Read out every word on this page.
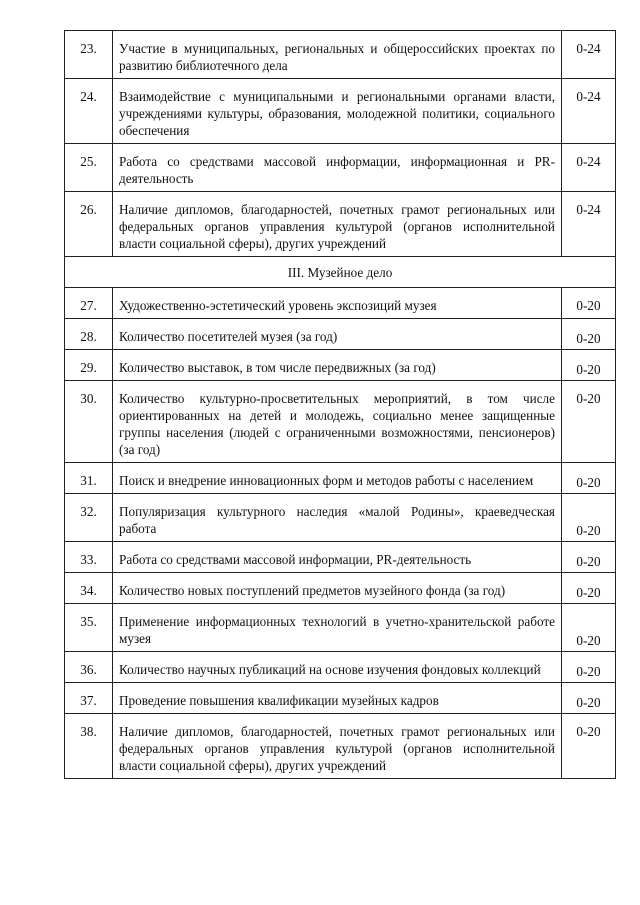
23.	Участие в муниципальных, региональных и общероссийских проектах по развитию библиотечного дела	0-24
24.	Взаимодействие с муниципальными и региональными органами власти, учреждениями культуры, образования, молодежной политики, социального обеспечения	0-24
25.	Работа со средствами массовой информации, информационная и PR-деятельность	0-24
26.	Наличие дипломов, благодарностей, почетных грамот региональных или федеральных органов управления культурой (органов исполнительной власти социальной сферы), других учреждений	0-24
III. Музейное дело		
27.	Художественно-эстетический уровень экспозиций музея	0-20
28.	Количество посетителей музея (за год)	0-20
29.	Количество выставок, в том числе передвижных (за год)	0-20
30.	Количество культурно-просветительных мероприятий, в том числе ориентированных на детей и молодежь, социально менее защищенные группы населения (людей с ограниченными возможностями, пенсионеров) (за год)	0-20
31.	Поиск и внедрение инновационных форм и методов работы с населением	0-20
32.	Популяризация культурного наследия «малой Родины», краеведческая работа	0-20
33.	Работа со средствами массовой информации, PR-деятельность	0-20
34.	Количество новых поступлений предметов музейного фонда (за год)	0-20
35.	Применение информационных технологий в учетно-хранительской работе музея	0-20
36.	Количество научных публикаций на основе изучения фондовых коллекций	0-20
37.	Проведение повышения квалификации музейных кадров	0-20
38.	Наличие дипломов, благодарностей, почетных грамот региональных или федеральных органов управления культурой (органов исполнительной власти социальной сферы), других учреждений	0-20
